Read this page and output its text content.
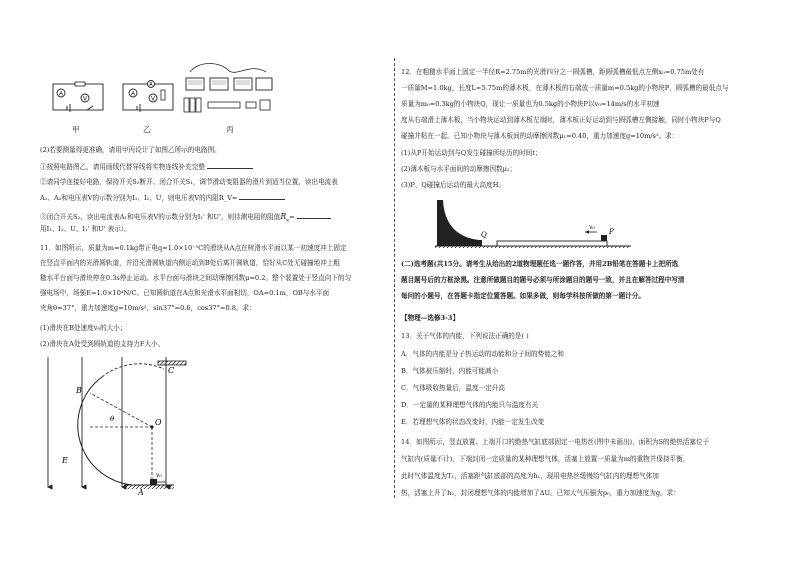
A
V
A
A
V
甲	乙	丙
(2)若要测量得更准确，请用甲丙设计了如图乙所示的电路图。
①按照电路图乙，请用画线代替导线将实物连线补充完整
②请同学连接好电路，保持开关S₂断开、闭合开关S₁，调节滑动变阻器的滑片到适当位置，读出电流表
A₁、A₂和电压表V的示数分别为I₁、I₂、U，则电压表V的内阻R_V=
③闭合开关S₂，读出电流表A₁和电压表V的示数分别为I₁' 和U'，则待测电阻的阻值$R_x=$
用I₁、I₂、U、I₁' 和U' 表示）。
11．如图所示，质量为m=0.1kg带正电q=1.0×10⁻⁵C的滑块从A点在树滑水平面以某一初速度冲上固定
在竖直平面内的光滑圆轨道，并沿光滑圆轨道内侧运动到B处后离开圆轨道，恰好从C处无碰撞地冲上粗
糙水平台面与滑块停在0.3s停止运动。水平台面与滑块之间动摩擦因数μ=0.2。整个装置处于竖直向下的匀
强电场中，场强E=1.0×10⁴N/C。已知圆轨道在A点和光滑水平面相切，OA=0.1m，OB与水平面
夹角θ=37°，重力加速度g=10m/s²，sin37°=0.6，cos37°=0.8。求：
(1)滑块在B处速度v₀的大小；
(2)滑块在A处受到圆轨道的支持力F大小。
C
B
θ	O
E
A
v₀
12．在粗糙水平面上固定一半径R=2.75m的光滑四分之一圆弧槽，距圆弧槽最低点左侧x₀=0.75m处有
一质量M=1.0kg，长度L=5.75m的薄木板，在薄木板的右端放一质量m=0.5kg的小物块P，圆弧槽的最低点与
质量为m₀=0.3kg的小物块Q，现让一质量也为0.5kg的小物块P以v₀=14m/s的水平初速
度从右端滑上薄木板，当小物块运动到薄木板左端时，薄木板正好运动到与圆弧槽左侧接触，同时小物块P与Q
碰撞并粘在一起。已知小物块与薄木板间的动摩擦因数μ₁=0.40，重力加速度g=10m/s²。求：
(1)从P开始运动到与Q发生碰撞所经历的时间t；
(2)薄木板与水平面间的动摩擦因数μ₂；
(3)P、Q碰撞后运动的最大高度H。
Q
v₀
P
(二)选考题(共15分。请考生从给出的2道物理题任选一题作答，并用2B铅笔在答题卡上把所选
题目题号后的方框涂黑。注意所做题目的题号必须与所涂题目的题号一致，并且在解答过程中写清
每问的小题号，在答题卡指定位置答题。如果多做，则每学科按所做的第一题计分。
【物理—选修3-3】
13．关于气体的内能，下列说法正确的是( )
A．气体的内能是分子热运动的动能和分子间的势能之和
B．气体被压缩时，内能可能减小
C．气体吸收热量后，温度一定升高
D．一定量的某种理想气体的内能只与温度有关
E．若理想气体的状态改变时，内能一定发生改变
14．如图所示，竖直放置、上端开口的绝热气缸底部固定一电热丝(图中未画出)，面积为S的绝热活塞位于
气缸内(质量不计)，下端封闭一定质量的某种理想气体，活塞上放置一质量为m的重物并保持平衡，
此时气体温度为T₁，活塞距气缸底部的高度为h₁，现用电热丝缓慢给气缸内的理想气体加
热，活塞上升了h₂，封闭理想气体的内能增加了ΔU。已知大气压强为p₀，重力加速度为g。求：
